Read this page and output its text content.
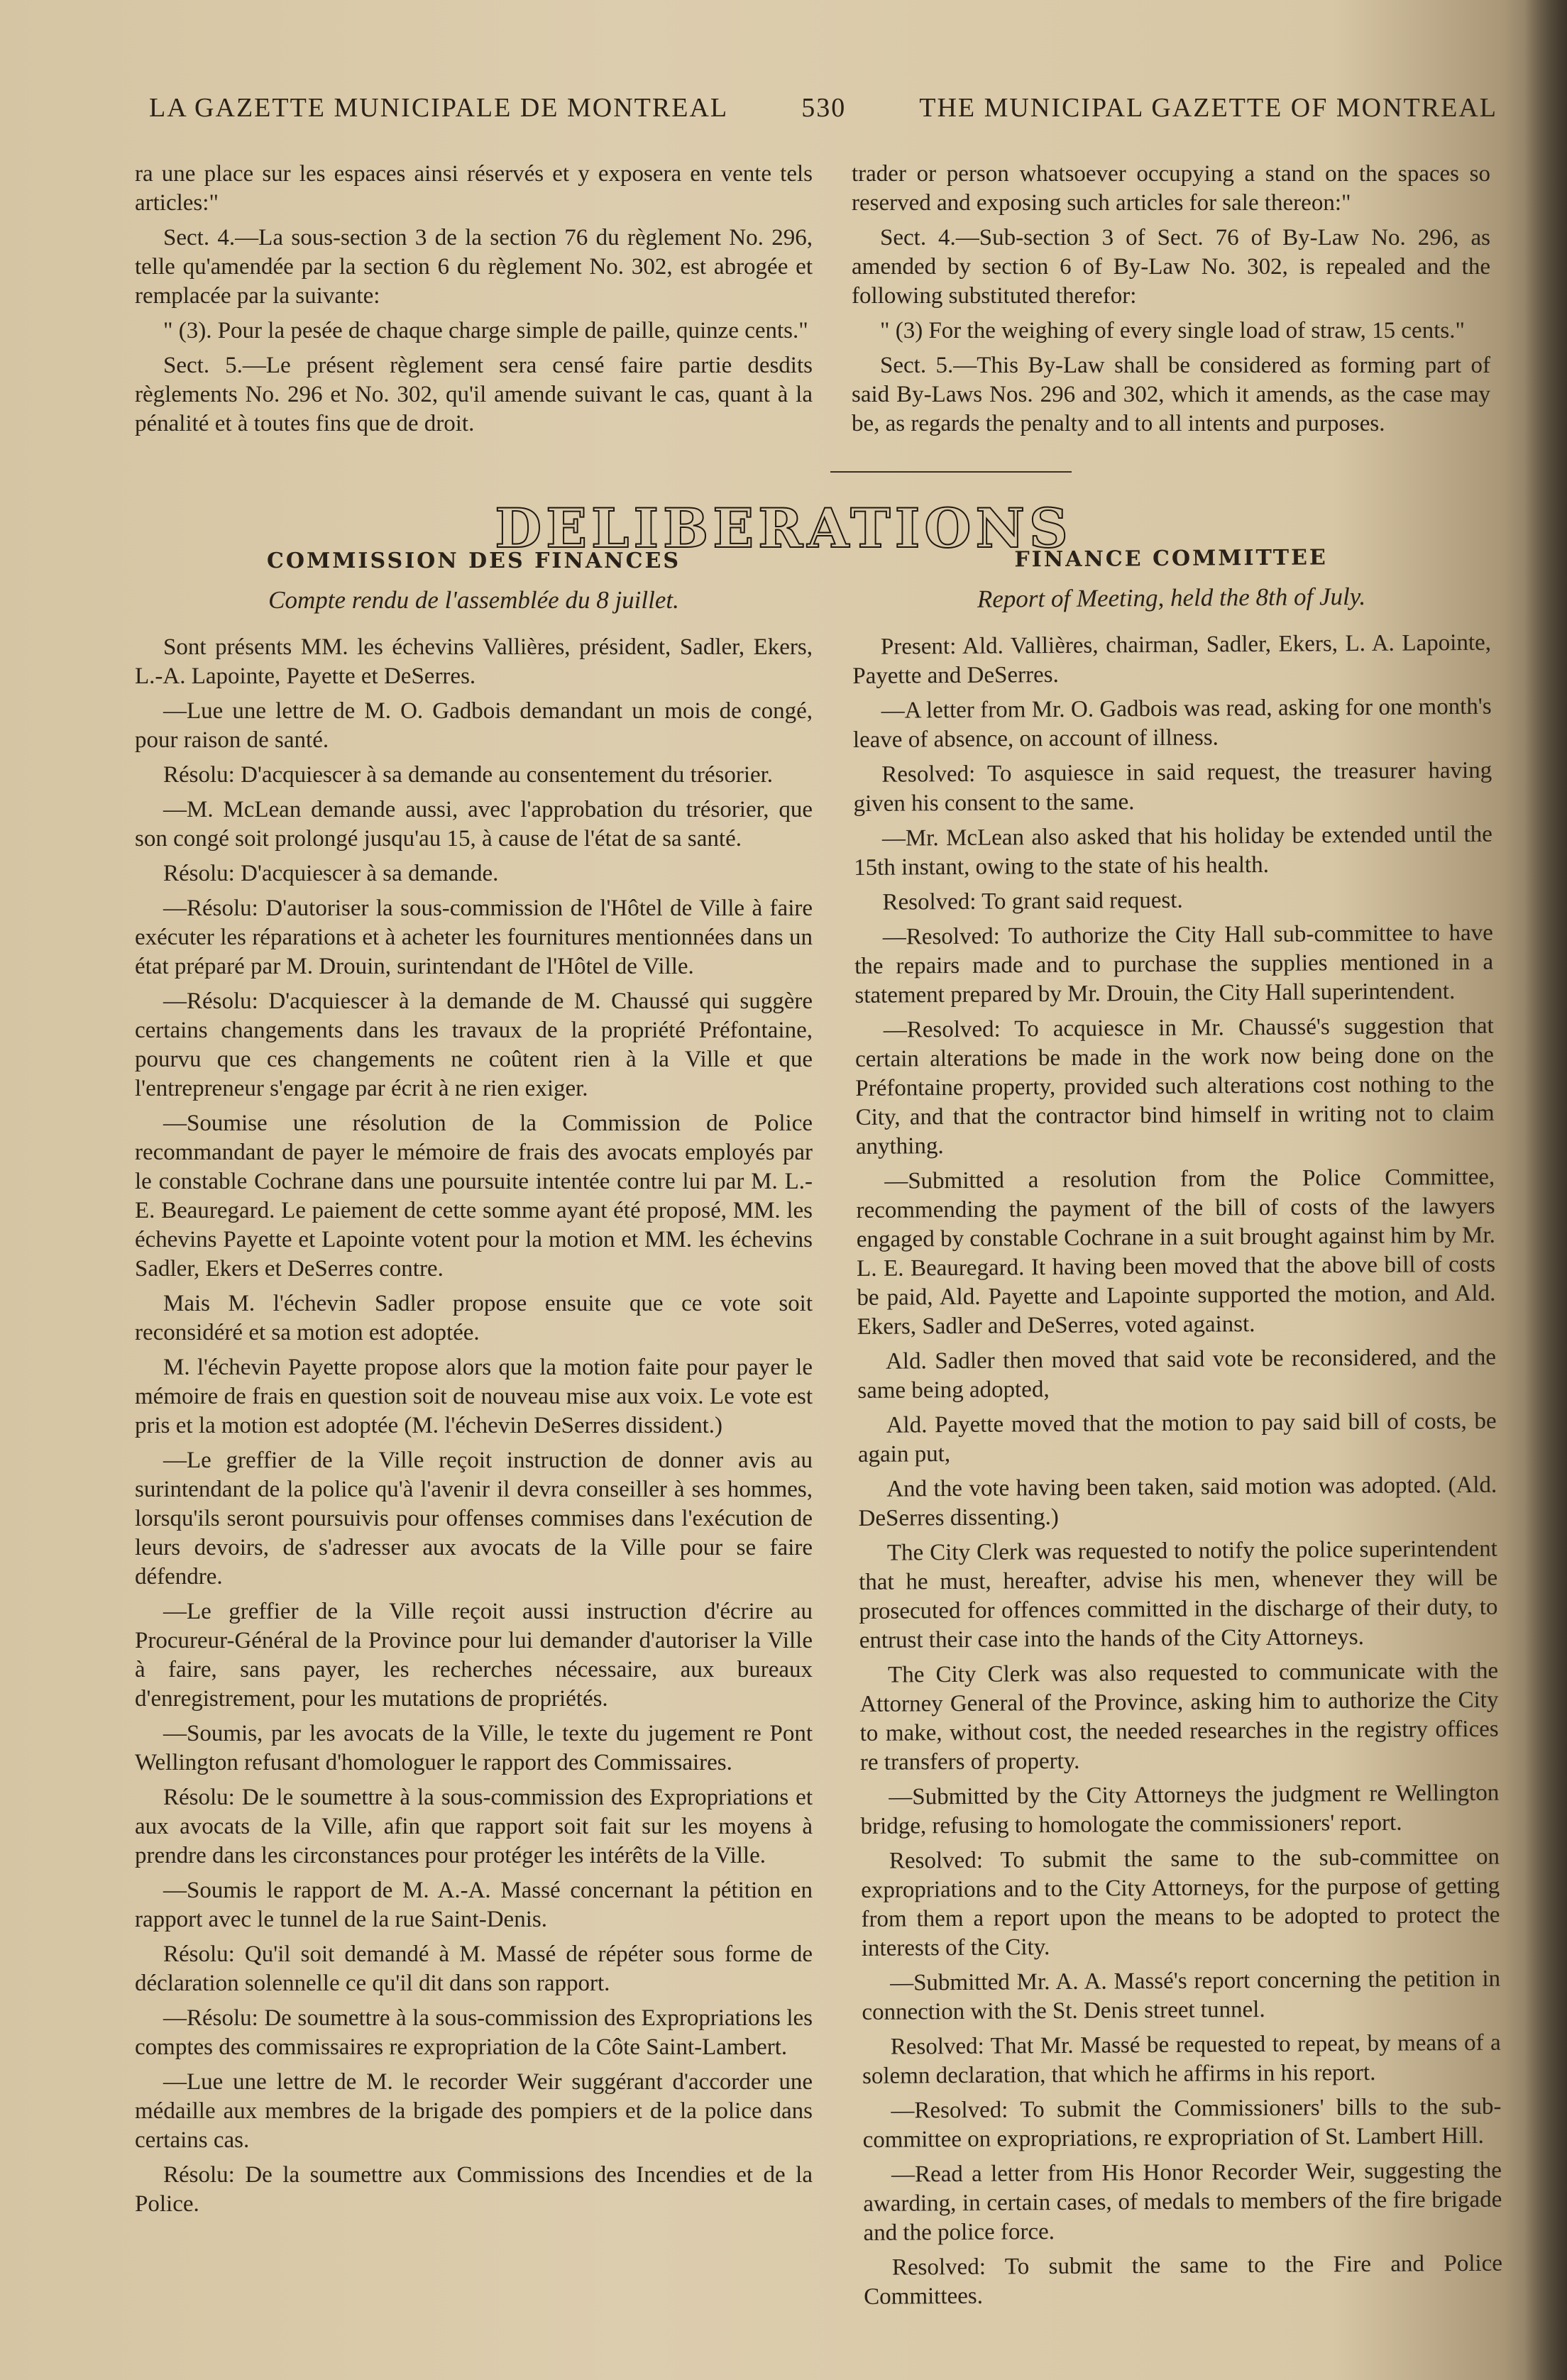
LA GAZETTE MUNICIPALE DE MONTREAL	530	THE MUNICIPAL GAZETTE OF MONTREAL

ra une place sur les espaces ainsi réservés et y exposera en vente tels articles:"

Sect. 4.—La sous-section 3 de la section 76 du règlement No. 296, telle qu'amendée par la section 6 du règlement No. 302, est abrogée et remplacée par la suivante:

" (3). Pour la pesée de chaque charge simple de paille, quinze cents."

Sect. 5.—Le présent règlement sera censé faire partie desdits règlements No. 296 et No. 302, qu'il amende suivant le cas, quant à la pénalité et à toutes fins que de droit.

trader or person whatsoever occupying a stand on the spaces so reserved and exposing such articles for sale thereon:"

Sect. 4.—Sub-section 3 of Sect. 76 of By-Law No. 296, as amended by section 6 of By-Law No. 302, is repealed and the following substituted therefor:

" (3) For the weighing of every single load of straw, 15 cents."

Sect. 5.—This By-Law shall be considered as forming part of said By-Laws Nos. 296 and 302, which it amends, as the case may be, as regards the penalty and to all intents and purposes.

DELIBERATIONS
COMMISSION DES FINANCES
Compte rendu de l'assemblée du 8 juillet.

Sont présents MM. les échevins Vallières, président, Sadler, Ekers, L.-A. Lapointe, Payette et DeSerres.

—Lue une lettre de M. O. Gadbois demandant un mois de congé, pour raison de santé.

Résolu: D'acquiescer à sa demande au consentement du trésorier.

—M. McLean demande aussi, avec l'approbation du trésorier, que son congé soit prolongé jusqu'au 15, à cause de l'état de sa santé.

Résolu: D'acquiescer à sa demande.

—Résolu: D'autoriser la sous-commission de l'Hôtel de Ville à faire exécuter les réparations et à acheter les fournitures mentionnées dans un état préparé par M. Drouin, surintendant de l'Hôtel de Ville.

—Résolu: D'acquiescer à la demande de M. Chaussé qui suggère certains changements dans les travaux de la propriété Préfontaine, pourvu que ces changements ne coûtent rien à la Ville et que l'entrepreneur s'engage par écrit à ne rien exiger.

—Soumise une résolution de la Commission de Police recommandant de payer le mémoire de frais des avocats employés par le constable Cochrane dans une poursuite intentée contre lui par M. L.-E. Beauregard. Le paiement de cette somme ayant été proposé, MM. les échevins Payette et Lapointe votent pour la motion et MM. les échevins Sadler, Ekers et DeSerres contre.

Mais M. l'échevin Sadler propose ensuite que ce vote soit reconsidéré et sa motion est adoptée.

M. l'échevin Payette propose alors que la motion faite pour payer le mémoire de frais en question soit de nouveau mise aux voix. Le vote est pris et la motion est adoptée (M. l'échevin DeSerres dissident.)

—Le greffier de la Ville reçoit instruction de donner avis au surintendant de la police qu'à l'avenir il devra conseiller à ses hommes, lorsqu'ils seront poursuivis pour offenses commises dans l'exécution de leurs devoirs, de s'adresser aux avocats de la Ville pour se faire défendre.

—Le greffier de la Ville reçoit aussi instruction d'écrire au Procureur-Général de la Province pour lui demander d'autoriser la Ville à faire, sans payer, les recherches nécessaire, aux bureaux d'enregistrement, pour les mutations de propriétés.

—Soumis, par les avocats de la Ville, le texte du jugement re Pont Wellington refusant d'homologuer le rapport des Commissaires.

Résolu: De le soumettre à la sous-commission des Expropriations et aux avocats de la Ville, afin que rapport soit fait sur les moyens à prendre dans les circonstances pour protéger les intérêts de la Ville.

—Soumis le rapport de M. A.-A. Massé concernant la pétition en rapport avec le tunnel de la rue Saint-Denis.

Résolu: Qu'il soit demandé à M. Massé de répéter sous forme de déclaration solennelle ce qu'il dit dans son rapport.

—Résolu: De soumettre à la sous-commission des Expropriations les comptes des commissaires re expropriation de la Côte Saint-Lambert.

—Lue une lettre de M. le recorder Weir suggérant d'accorder une médaille aux membres de la brigade des pompiers et de la police dans certains cas.

Résolu: De la soumettre aux Commissions des Incendies et de la Police.

FINANCE COMMITTEE
Report of Meeting, held the 8th of July.

Present: Ald. Vallières, chairman, Sadler, Ekers, L. A. Lapointe, Payette and DeSerres.

—A letter from Mr. O. Gadbois was read, asking for one month's leave of absence, on account of illness.

Resolved: To asquiesce in said request, the treasurer having given his consent to the same.

—Mr. McLean also asked that his holiday be extended until the 15th instant, owing to the state of his health.

Resolved: To grant said request.

—Resolved: To authorize the City Hall sub-committee to have the repairs made and to purchase the supplies mentioned in a statement prepared by Mr. Drouin, the City Hall superintendent.

—Resolved: To acquiesce in Mr. Chaussé's suggestion that certain alterations be made in the work now being done on the Préfontaine property, provided such alterations cost nothing to the City, and that the contractor bind himself in writing not to claim anything.

—Submitted a resolution from the Police Committee, recommending the payment of the bill of costs of the lawyers engaged by constable Cochrane in a suit brought against him by Mr. L. E. Beauregard. It having been moved that the above bill of costs be paid, Ald. Payette and Lapointe supported the motion, and Ald. Ekers, Sadler and DeSerres, voted against.

Ald. Sadler then moved that said vote be reconsidered, and the same being adopted,

Ald. Payette moved that the motion to pay said bill of costs, be again put,

And the vote having been taken, said motion was adopted. (Ald. DeSerres dissenting.)

The City Clerk was requested to notify the police superintendent that he must, hereafter, advise his men, whenever they will be prosecuted for offences committed in the discharge of their duty, to entrust their case into the hands of the City Attorneys.

The City Clerk was also requested to communicate with the Attorney General of the Province, asking him to authorize the City to make, without cost, the needed researches in the registry offices re transfers of property.

—Submitted by the City Attorneys the judgment re Wellington bridge, refusing to homologate the commissioners' report.

Resolved: To submit the same to the sub-committee on expropriations and to the City Attorneys, for the purpose of getting from them a report upon the means to be adopted to protect the interests of the City.

—Submitted Mr. A. A. Massé's report concerning the petition in connection with the St. Denis street tunnel.

Resolved: That Mr. Massé be requested to repeat, by means of a solemn declaration, that which he affirms in his report.

—Resolved: To submit the Commissioners' bills to the sub-committee on expropriations, re expropriation of St. Lambert Hill.

—Read a letter from His Honor Recorder Weir, suggesting the awarding, in certain cases, of medals to members of the fire brigade and the police force.

Resolved: To submit the same to the Fire and Police Committees.
